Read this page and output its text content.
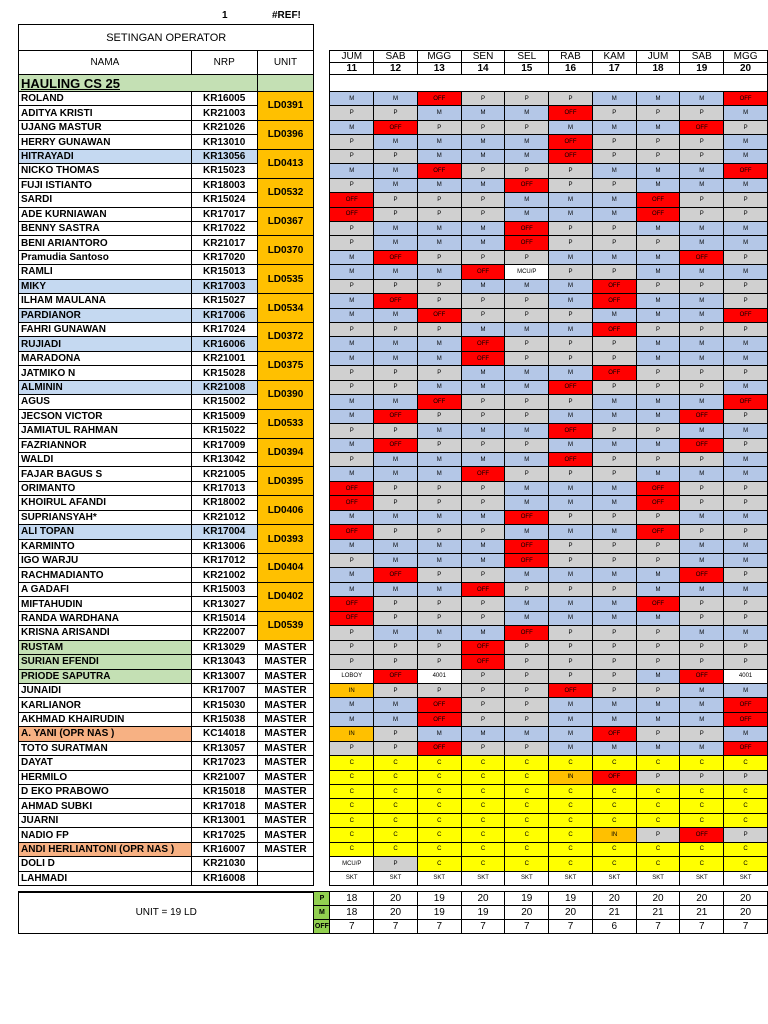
1	#REF!
SETINGAN OPERATOR													
NAMA	NRP	UNIT		JUM	SAB	MGG	SEN	SEL	RAB	KAM	JUM	SAB	MGG
				11	12	13	14	15	16	17	18	19	20
HAULING CS 25													
ROLAND	KR16005	LD0391		M	M	OFF	P	P	P	M	M	M	OFF
ADITYA KRISTI	KR21003			P	P	M	M	M	OFF	P	P	P	M
UJANG MASTUR	KR21026	LD0396		M	OFF	P	P	P	M	M	M	OFF	P
HERRY GUNAWAN	KR13010			P	M	M	M	M	OFF	P	P	P	M
HITRAYADI	KR13056	LD0413		P	P	M	M	M	OFF	P	P	P	M
NICKO THOMAS	KR15023			M	M	OFF	P	P	P	M	M	M	OFF
FUJI ISTIANTO	KR18003	LD0532		P	M	M	M	OFF	P	P	M	M	M
SARDI	KR15024			OFF	P	P	P	M	M	M	OFF	P	P
ADE KURNIAWAN	KR17017	LD0367		OFF	P	P	P	M	M	M	OFF	P	P
BENNY SASTRA	KR17022			P	M	M	M	OFF	P	P	M	M	M
BENI ARIANTORO	KR21017	LD0370		P	M	M	M	OFF	P	P	P	M	M
Pramudia Santoso	KR17020			M	OFF	P	P	P	M	M	M	OFF	P
RAMLI	KR15013	LD0535		M	M	M	OFF	MCU/P	P	P	M	M	M
MIKY	KR17003			P	P	P	M	M	M	OFF	P	P	P
ILHAM MAULANA	KR15027	LD0534		M	OFF	P	P	P	M	OFF	M	M	P
PARDIANOR	KR17006			M	M	OFF	P	P	P	M	M	M	OFF
FAHRI GUNAWAN	KR17024	LD0372		P	P	P	M	M	M	OFF	P	P	P
RUJIADI	KR16006			M	M	M	OFF	P	P	P	M	M	M
MARADONA	KR21001	LD0375		M	M	M	OFF	P	P	P	M	M	M
JATMIKO N	KR15028			P	P	P	M	M	M	OFF	P	P	P
ALMININ	KR21008	LD0390		P	P	M	M	M	OFF	P	P	P	M
AGUS	KR15002			M	M	OFF	P	P	P	M	M	M	OFF
JECSON VICTOR	KR15009	LD0533		M	OFF	P	P	P	M	M	M	OFF	P
JAMIATUL RAHMAN	KR15022			P	P	M	M	M	OFF	P	P	M	M
FAZRIANNOR	KR17009	LD0394		M	OFF	P	P	P	M	M	M	OFF	P
WALDI	KR13042			P	M	M	M	M	OFF	P	P	P	M
FAJAR BAGUS S	KR21005	LD0395		M	M	M	OFF	P	P	P	M	M	M
ORIMANTO	KR17013			OFF	P	P	P	M	M	M	OFF	P	P
KHOIRUL AFANDI	KR18002	LD0406		OFF	P	P	P	M	M	M	OFF	P	P
SUPRIANSYAH*	KR21012			M	M	M	M	OFF	P	P	P	M	M
ALI TOPAN	KR17004	LD0393		OFF	P	P	P	M	M	M	OFF	P	P
KARMINTO	KR13006			M	M	M	M	OFF	P	P	P	M	M
IGO WARJU	KR17012	LD0404		P	M	M	M	OFF	P	P	P	M	M
RACHMADIANTO	KR21002			M	OFF	P	P	M	M	M	M	OFF	P
A GADAFI	KR15003	LD0402		M	M	M	OFF	P	P	P	M	M	M
MIFTAHUDIN	KR13027			OFF	P	P	P	M	M	M	OFF	P	P
RANDA WARDHANA	KR15014	LD0539		OFF	P	P	P	M	M	M	M	P	P
KRISNA ARISANDI	KR22007			P	M	M	M	OFF	P	P	P	M	M
RUSTAM	KR13029	MASTER		P	P	P	OFF	P	P	P	P	P	P
SURIAN EFENDI	KR13043	MASTER		P	P	P	OFF	P	P	P	P	P	P
PRIODE SAPUTRA	KR13007	MASTER		LOBOY	OFF	4001	P	P	P	P	M	OFF	4001
JUNAIDI	KR17007	MASTER		IN	P	P	P	P	OFF	P	P	M	M
KARLIANOR	KR15030	MASTER		M	M	OFF	P	P	M	M	M	M	OFF
AKHMAD KHAIRUDIN	KR15038	MASTER		M	M	OFF	P	P	M	M	M	M	OFF
A. YANI (OPR NAS )	KC14018	MASTER		IN	P	M	M	M	M	OFF	P	P	M
TOTO SURATMAN	KR13057	MASTER		P	P	OFF	P	P	M	M	M	M	OFF
DAYAT	KR17023	MASTER		C	C	C	C	C	C	C	C	C	C
HERMILO	KR21007	MASTER		C	C	C	C	C	IN	OFF	P	P	P
D EKO PRABOWO	KR15018	MASTER		C	C	C	C	C	C	C	C	C	C
AHMAD SUBKI	KR17018	MASTER		C	C	C	C	C	C	C	C	C	C
JUARNI	KR13001	MASTER		C	C	C	C	C	C	C	C	C	C
NADIO FP	KR17025	MASTER		C	C	C	C	C	C	IN	P	OFF	P
ANDI HERLIANTONI (OPR NAS )	KR16007	MASTER		C	C	C	C	C	C	C	C	C	C
DOLI D	KR21030			MCU/P	P	C	C	C	C	C	C	C	C
LAHMADI	KR16008			SKT	SKT	SKT	SKT	SKT	SKT	SKT	SKT	SKT	SKT

UNIT = 19 LD			P	18	20	19	20	19	19	20	20	20	20
			M	18	20	19	19	20	20	21	21	21	20
			OFF	7	7	7	7	7	7	6	7	7	7
